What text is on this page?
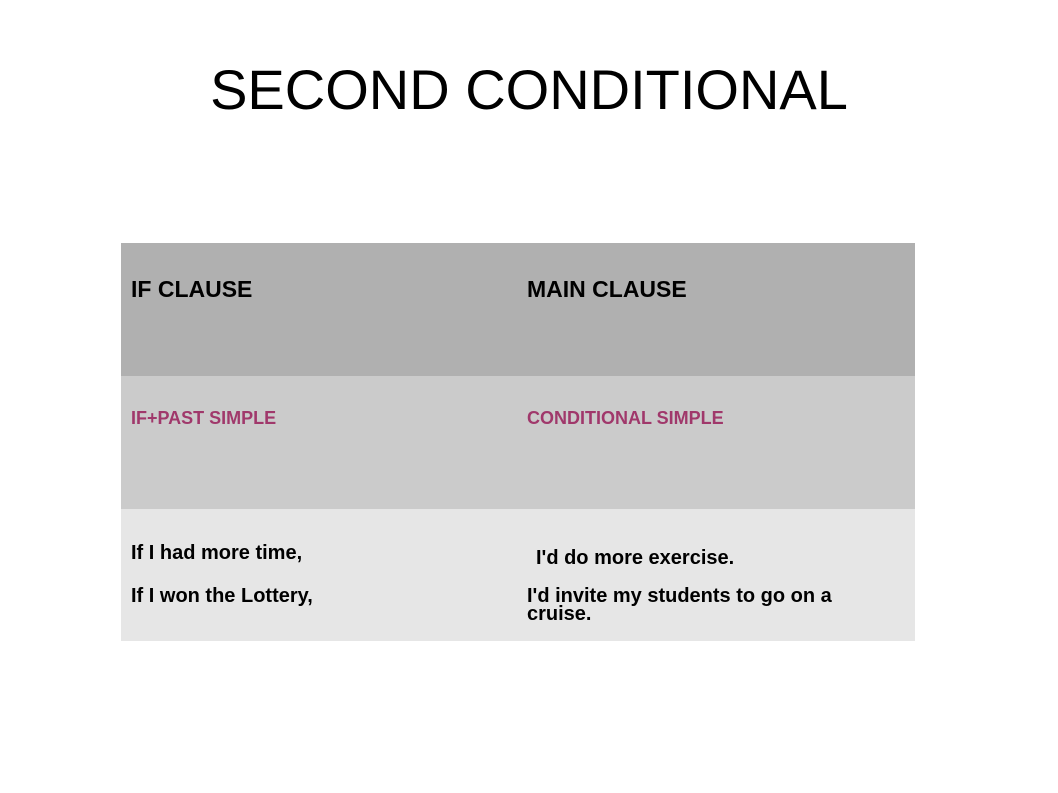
SECOND CONDITIONAL
IF CLAUSE	MAIN CLAUSE
IF+PAST SIMPLE	CONDITIONAL SIMPLE
If I had more time,
If I won the Lottery,
I'd do more exercise.
I'd invite my students to go on a cruise.
